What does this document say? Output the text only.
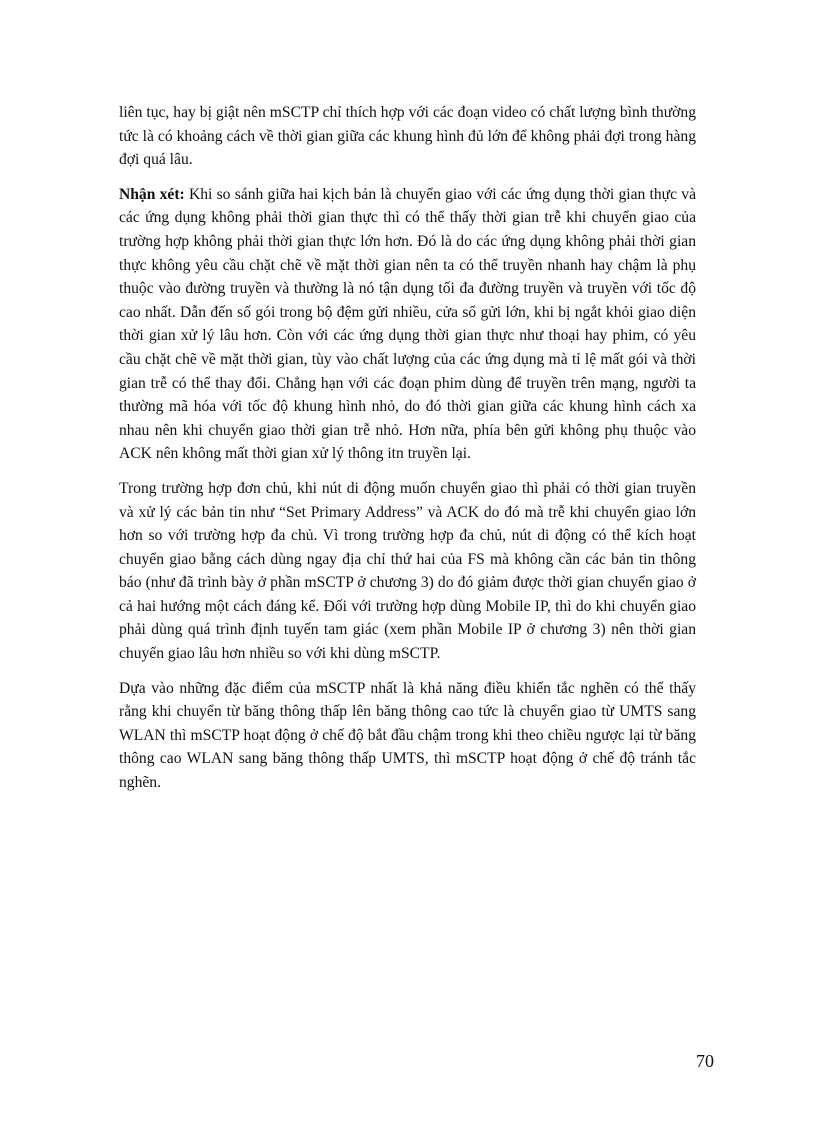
liên tục, hay bị giật nên mSCTP chỉ thích hợp với các đoạn video có chất lượng bình thường tức là có khoảng cách về thời gian giữa các khung hình đủ lớn để không phải đợi trong hàng đợi quá lâu.

Nhận xét: Khi so sánh giữa hai kịch bản là chuyển giao với các ứng dụng thời gian thực và các ứng dụng không phải thời gian thực thì có thể thấy thời gian trễ khi chuyển giao của trường hợp không phải thời gian thực lớn hơn. Đó là do các ứng dụng không phải thời gian thực không yêu cầu chặt chẽ về mặt thời gian nên ta có thể truyền nhanh hay chậm là phụ thuộc vào đường truyền và thường là nó tận dụng tối đa đường truyền và truyền với tốc độ cao nhất. Dẫn đến số gói trong bộ đệm gửi nhiều, cửa sổ gửi lớn, khi bị ngắt khỏi giao diện thời gian xử lý lâu hơn. Còn với các ứng dụng thời gian thực như thoại hay phim, có yêu cầu chặt chẽ về mặt thời gian, tùy vào chất lượng của các ứng dụng mà tỉ lệ mất gói và thời gian trễ có thể thay đổi. Chẳng hạn với các đoạn phim dùng để truyền trên mạng, người ta thường mã hóa với tốc độ khung hình nhỏ, do đó thời gian giữa các khung hình cách xa nhau nên khi chuyển giao thời gian trễ nhỏ. Hơn nữa, phía bên gửi không phụ thuộc vào ACK nên không mất thời gian xử lý thông itn truyền lại.

Trong trường hợp đơn chủ, khi nút di động muốn chuyển giao thì phải có thời gian truyền và xử lý các bản tin như “Set Primary Address” và ACK do đó mà trễ khi chuyển giao lớn hơn so với trường hợp đa chủ. Vì trong trường hợp đa chủ, nút di động có thể kích hoạt chuyển giao bằng cách dùng ngay địa chỉ thứ hai của FS mà không cần các bản tin thông báo (như đã trình bày ở phần mSCTP ở chương 3) do đó giảm được thời gian chuyển giao ở cả hai hướng một cách đáng kể. Đối với trường hợp dùng Mobile IP, thì do khi chuyển giao phải dùng quá trình định tuyến tam giác (xem phần Mobile IP ở chương 3) nên thời gian chuyển giao lâu hơn nhiều so với khi dùng mSCTP.

Dựa vào những đặc điểm của mSCTP nhất là khả năng điều khiển tắc nghẽn có thể thấy rằng khi chuyển từ băng thông thấp lên băng thông cao tức là chuyển giao từ UMTS sang WLAN thì mSCTP hoạt động ở chế độ bắt đầu chậm trong khi theo chiều ngược lại từ băng thông cao WLAN sang băng thông thấp UMTS, thì mSCTP hoạt động ở chế độ tránh tắc nghẽn.

70
